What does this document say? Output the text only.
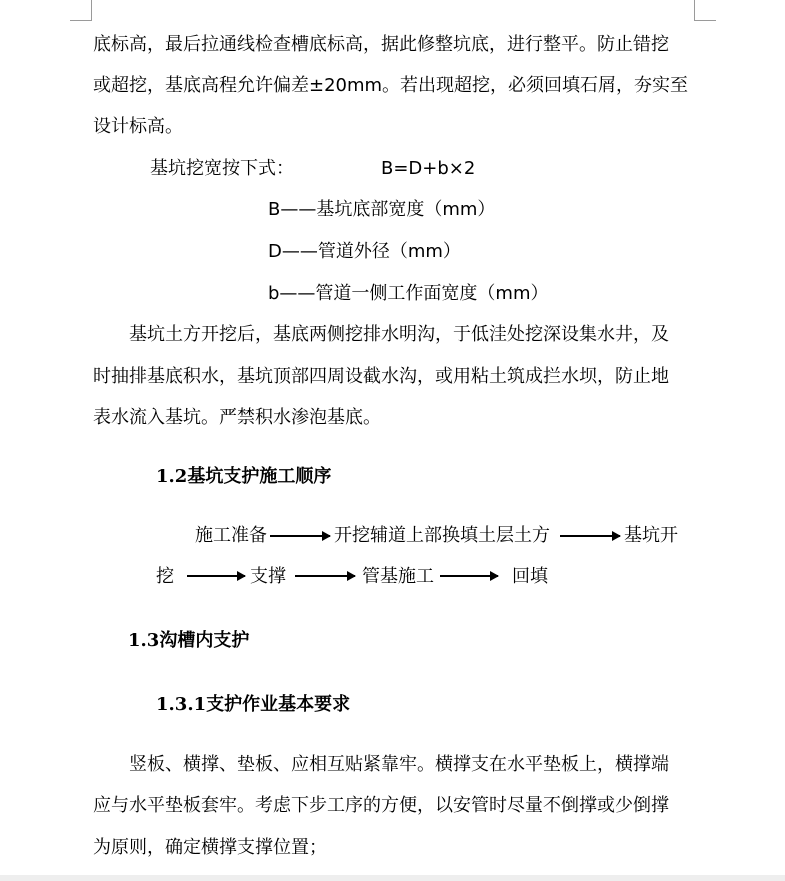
底标高，最后拉通线检查槽底标高，据此修整坑底，进行整平。防止错挖
或超挖，基底高程允许偏差±20mm。若出现超挖，必须回填石屑，夯实至
设计标高。
基坑挖宽按下式：	B=D+b×2
B——基坑底部宽度（mm）
D——管道外径（mm）
b——管道一侧工作面宽度（mm）
基坑土方开挖后，基底两侧挖排水明沟，于低洼处挖深设集水井，及
时抽排基底积水，基坑顶部四周设截水沟，或用粘土筑成拦水坝，防止地
表水流入基坑。严禁积水渗泡基底。
1.2基坑支护施工顺序
施工准备	开挖辅道上部换填土层土方	基坑开
挖	支撑	管基施工	回填
1.3沟槽内支护
1.3.1支护作业基本要求
竖板、横撑、垫板、应相互贴紧靠牢。横撑支在水平垫板上，横撑端
应与水平垫板套牢。考虑下步工序的方便，以安管时尽量不倒撑或少倒撑
为原则，确定横撑支撑位置；
